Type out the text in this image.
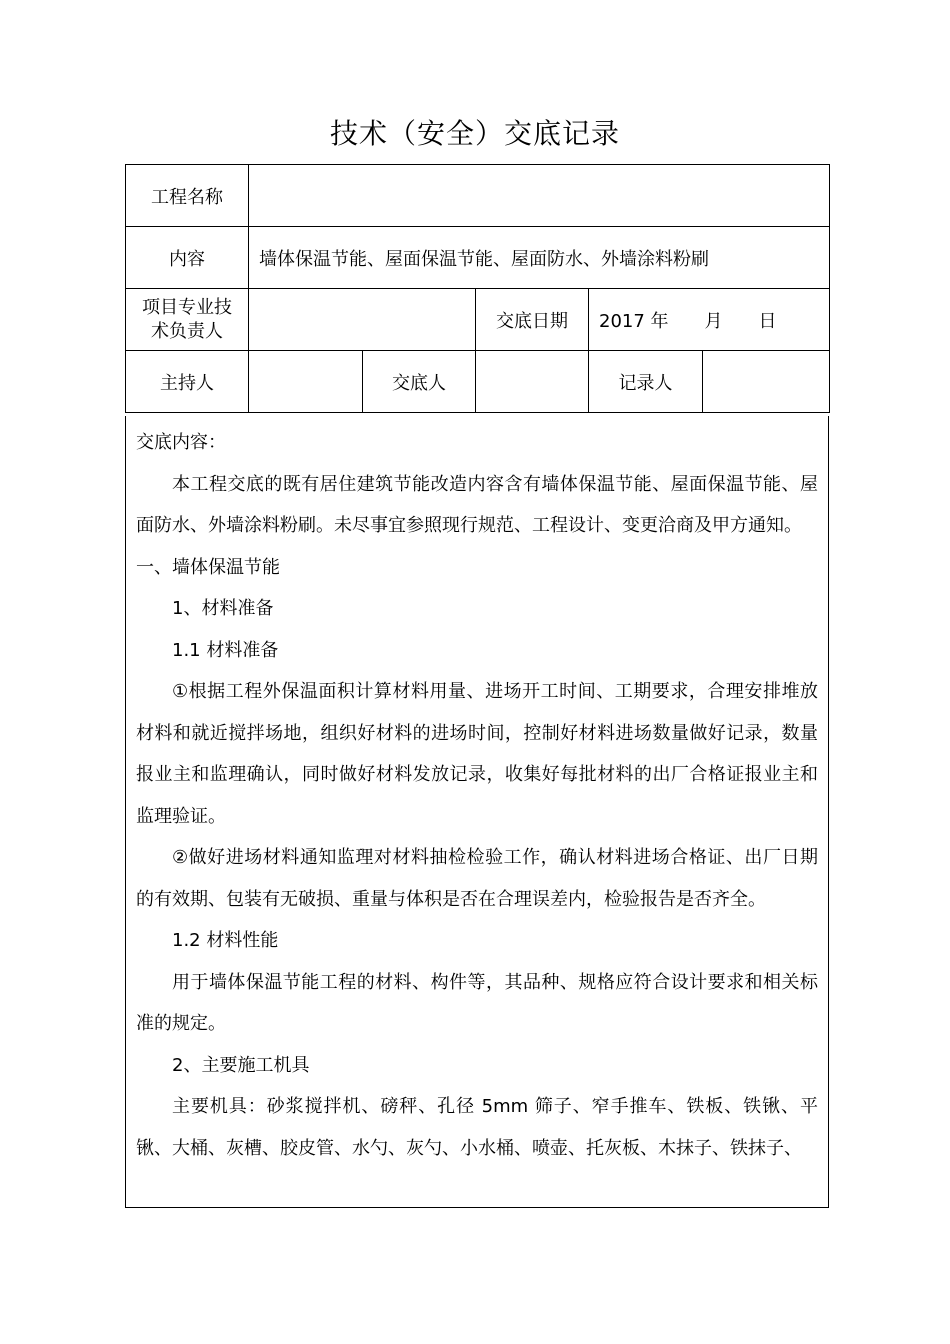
技术（安全）交底记录
工程名称					
内容	墙体保温节能、屋面保温节能、屋面防水、外墙涂料粉刷				

项目专业技
术负责人			交底日期	2017 年　　月　　日	
主持人		交底人		记录人	

交底内容：

本工程交底的既有居住建筑节能改造内容含有墙体保温节能、屋面保温节能、屋面防水、外墙涂料粉刷。未尽事宜参照现行规范、工程设计、变更洽商及甲方通知。

一、墙体保温节能

1、材料准备

1.1 材料准备

①根据工程外保温面积计算材料用量、进场开工时间、工期要求，合理安排堆放材料和就近搅拌场地，组织好材料的进场时间，控制好材料进场数量做好记录，数量报业主和监理确认，同时做好材料发放记录，收集好每批材料的出厂合格证报业主和监理验证。

②做好进场材料通知监理对材料抽检检验工作，确认材料进场合格证、出厂日期的有效期、包装有无破损、重量与体积是否在合理误差内，检验报告是否齐全。

1.2 材料性能

用于墙体保温节能工程的材料、构件等，其品种、规格应符合设计要求和相关标准的规定。

2、主要施工机具

主要机具：砂浆搅拌机、磅秤、孔径 5mm 筛子、窄手推车、铁板、铁锹、平锹、大桶、灰槽、胶皮管、水勺、灰勺、小水桶、喷壶、托灰板、木抹子、铁抹子、
